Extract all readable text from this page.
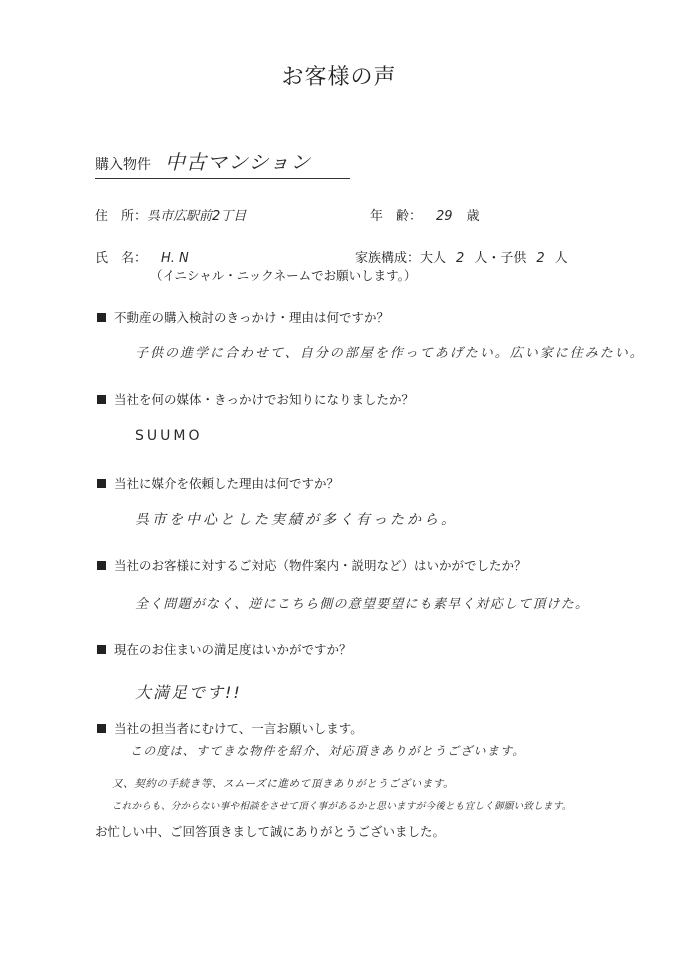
お客様の声
購入物件 中古マンション
住　所： 呉市広駅前2丁目	年　齢： 29 歳
氏　名： H. N	家族構成： 大人 2 人・子供 2 人
（イニシャル・ニックネームでお願いします。）
不動産の購入検討のきっかけ・理由は何ですか？
子供の進学に合わせて、自分の部屋を作ってあげたい。広い家に住みたい。
当社を何の媒体・きっかけでお知りになりましたか？
SUUMO
当社に媒介を依頼した理由は何ですか？
呉市を中心とした実績が多く有ったから。
当社のお客様に対するご対応（物件案内・説明など）はいかがでしたか？
全く問題がなく、逆にこちら側の意望要望にも素早く対応して頂けた。
現在のお住まいの満足度はいかがですか？
大満足です!!
当社の担当者にむけて、一言お願いします。
この度は、すてきな物件を紹介、対応頂きありがとうございます。
又、契約の手続き等、スムーズに進めて頂きありがとうございます。
これからも、分からない事や相談をさせて頂く事があるかと思いますが今後とも宜しく御願い致します。
お忙しい中、ご回答頂きまして誠にありがとうございました。
